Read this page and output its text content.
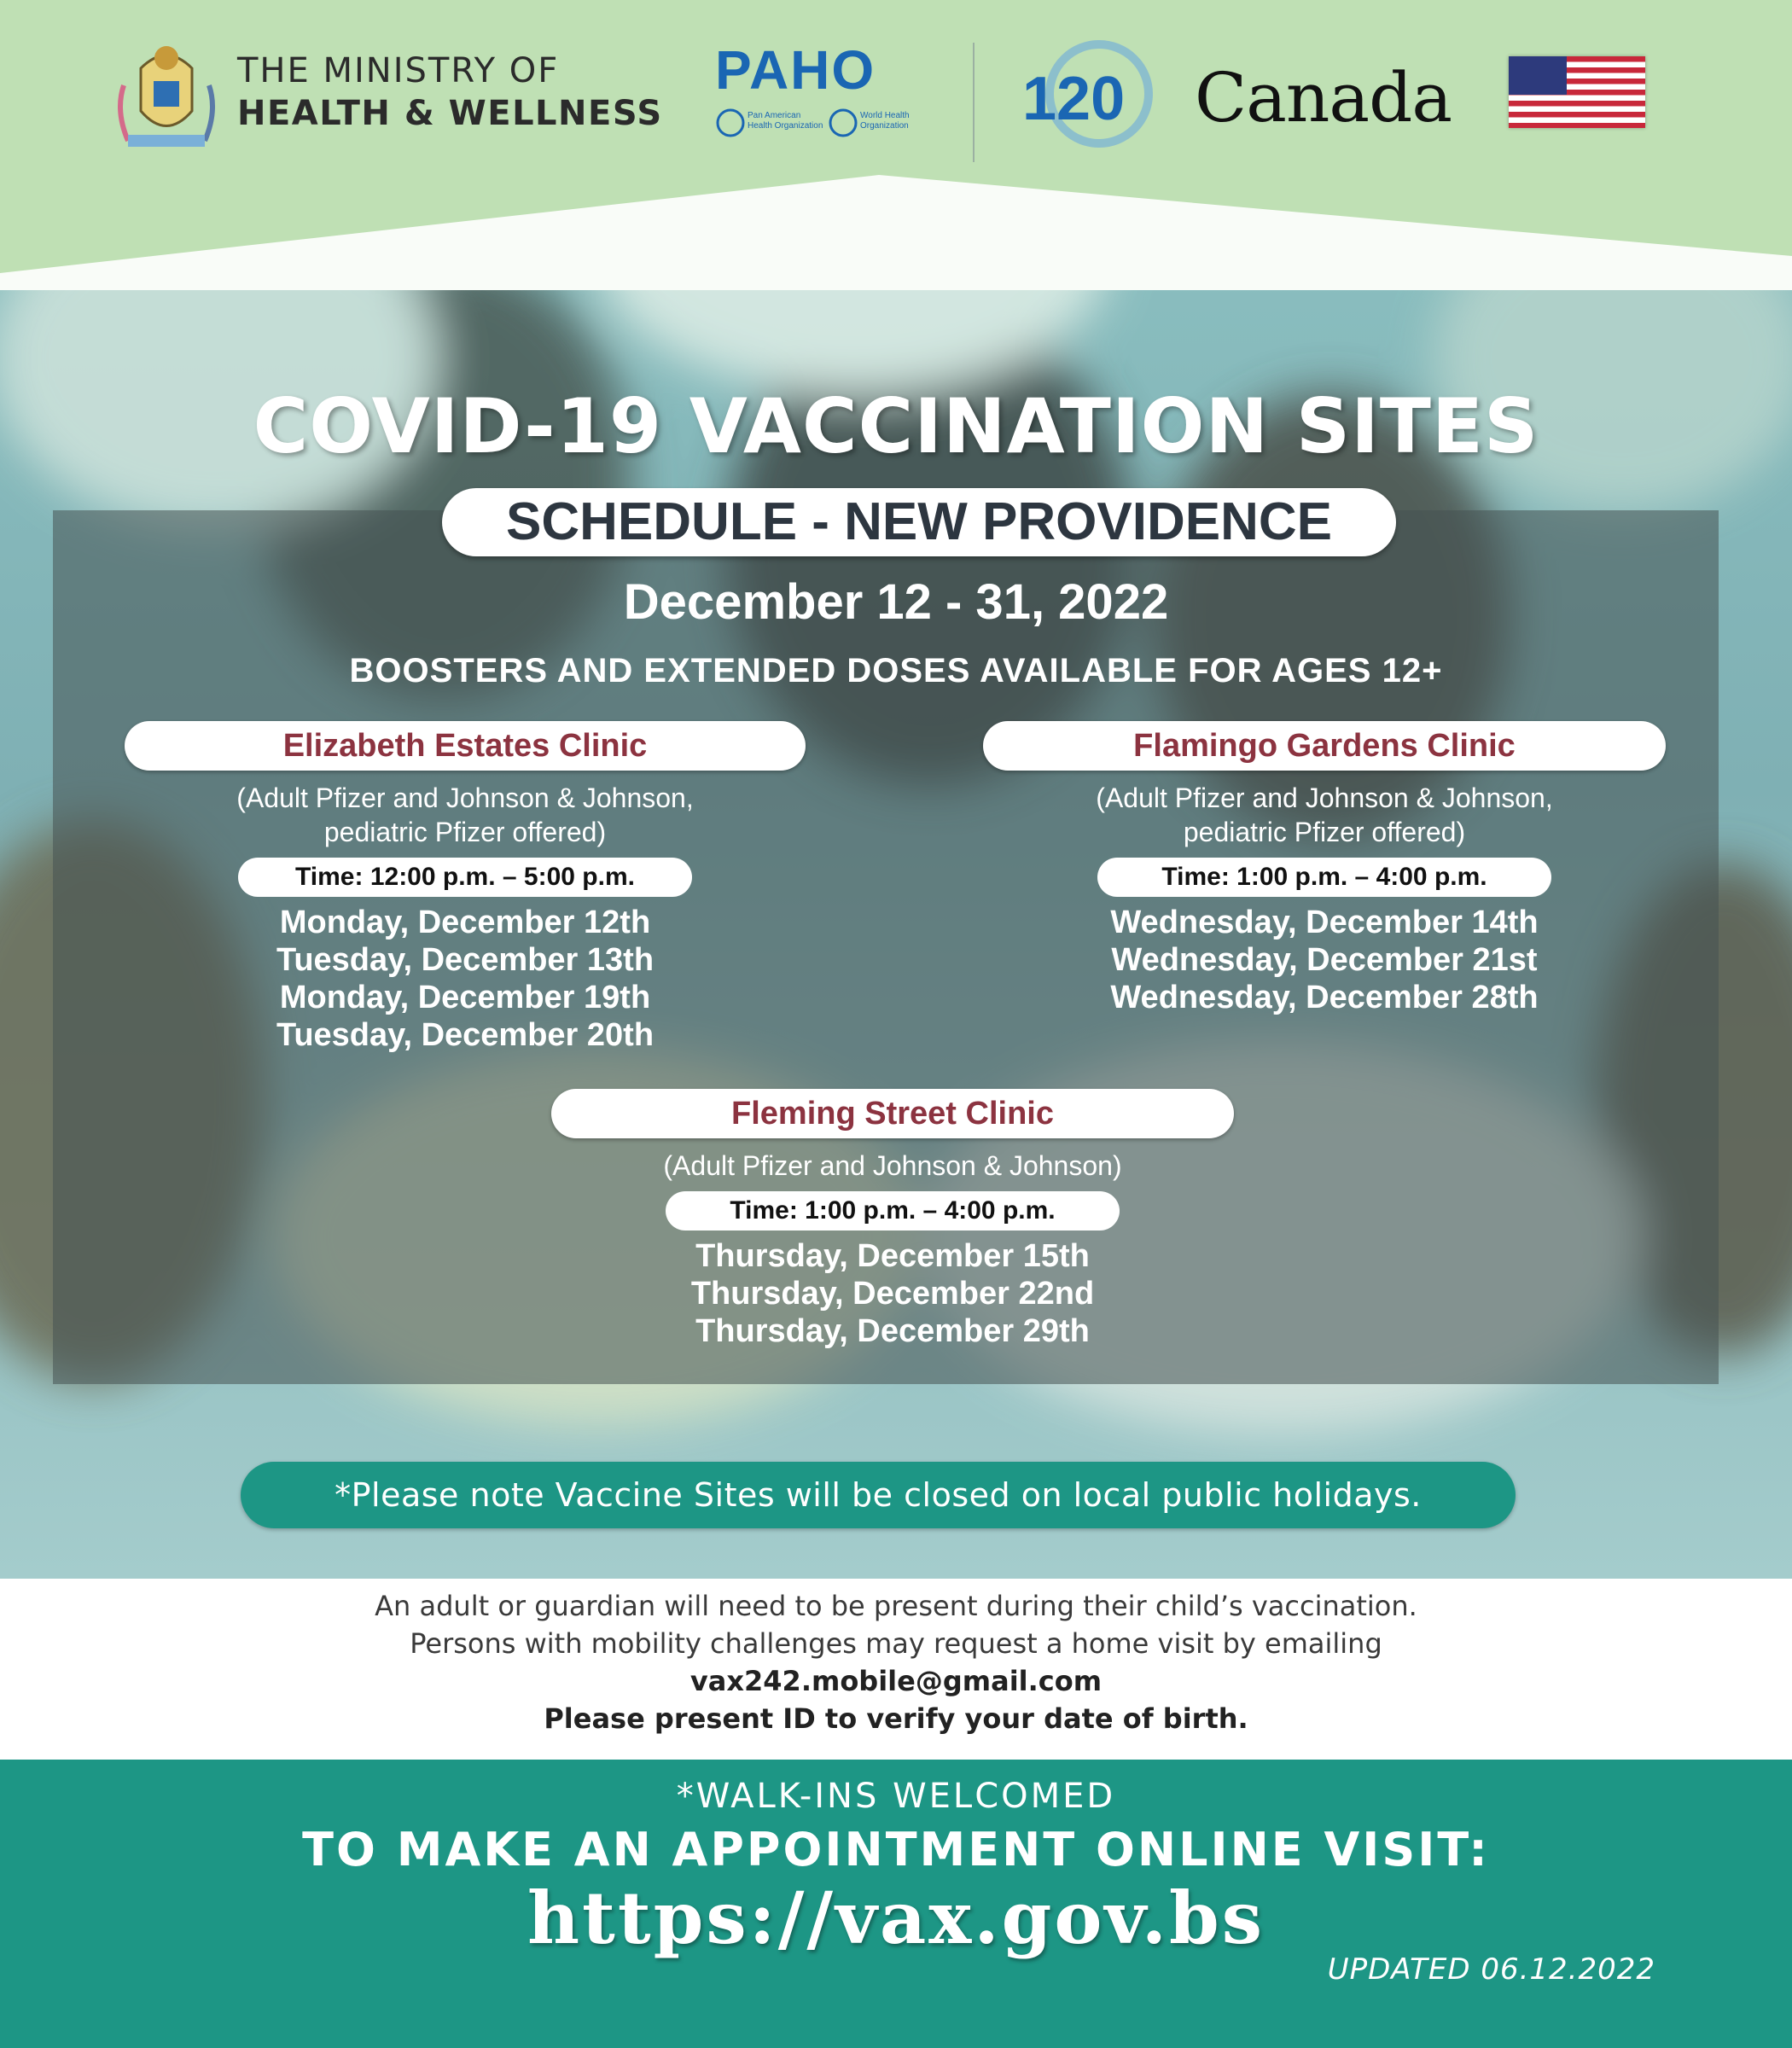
THE MINISTRY OF
HEALTH & WELLNESS
PAHO
Pan American Health Organization
World Health Organization	120 Canada
COVID-19 VACCINATION SITES
SCHEDULE - NEW PROVIDENCE
December 12 - 31, 2022
BOOSTERS AND EXTENDED DOSES AVAILABLE FOR AGES 12+
Elizabeth Estates Clinic
(Adult Pfizer and Johnson & Johnson,
pediatric Pfizer offered)
Time: 12:00 p.m. – 5:00 p.m.
Monday, December 12th
Tuesday, December 13th
Monday, December 19th
Tuesday, December 20th
Flamingo Gardens Clinic
(Adult Pfizer and Johnson & Johnson,
pediatric Pfizer offered)
Time: 1:00 p.m. – 4:00 p.m.
Wednesday, December 14th
Wednesday, December 21st
Wednesday, December 28th
Fleming Street Clinic
(Adult Pfizer and Johnson & Johnson)
Time: 1:00 p.m. – 4:00 p.m.
Thursday, December 15th
Thursday, December 22nd
Thursday, December 29th
*Please note Vaccine Sites will be closed on local public holidays.
An adult or guardian will need to be present during their child’s vaccination.
Persons with mobility challenges may request a home visit by emailing
vax242.mobile@gmail.com
Please present ID to verify your date of birth.
*WALK-INS WELCOMED
TO MAKE AN APPOINTMENT ONLINE VISIT:
https://vax.gov.bs
UPDATED 06.12.2022
